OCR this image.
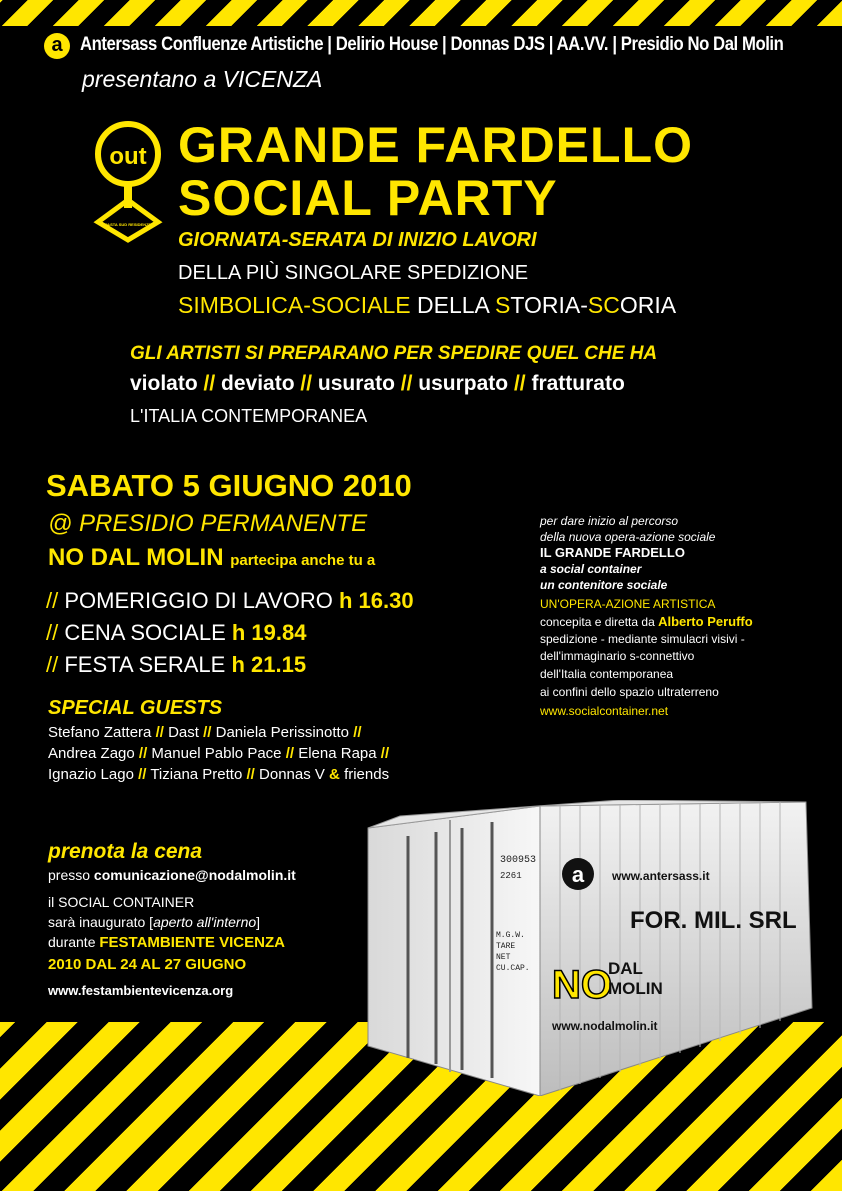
a Antersass Confluenze Artistiche | Delirio House | Donnas DJS | AA.VV. | Presidio No Dal Molin
presentano a VICENZA
out
PASTA SUD RESIDENZE
GRANDE FARDELLO
SOCIAL PARTY
GIORNATA-SERATA DI INIZIO LAVORI
DELLA PIÙ SINGOLARE SPEDIZIONE
SIMBOLICA-SOCIALE DELLA STORIA-SCORIA
GLI ARTISTI SI PREPARANO PER SPEDIRE QUEL CHE HA
violato // deviato // usurato // usurpato // fratturato
L'ITALIA CONTEMPORANEA
SABATO 5 GIUGNO 2010
@ PRESIDIO PERMANENTE
NO DAL MOLIN partecipa anche tu a
// POMERIGGIO DI LAVORO h 16.30
// CENA SOCIALE h 19.84
// FESTA SERALE h 21.15
SPECIAL GUESTS
Stefano Zattera // Dast // Daniela Perissinotto //
Andrea Zago // Manuel Pablo Pace // Elena Rapa //
Ignazio Lago // Tiziana Pretto // Donnas V & friends
per dare inizio al percorso
della nuova opera-azione sociale
IL GRANDE FARDELLO
a social container
un contenitore sociale
UN'OPERA-AZIONE ARTISTICA
concepita e diretta da Alberto Peruffo
spedizione - mediante simulacri visivi -
dell'immaginario s-connettivo
dell'Italia contemporanea
ai confini dello spazio ultraterreno
www.socialcontainer.net
prenota la cena
presso comunicazione@nodalmolin.it
il SOCIAL CONTAINER
sarà inaugurato [aperto all'interno]
durante FESTAMBIENTE VICENZA
2010 DAL 24 AL 27 GIUGNO
www.festambientevicenza.org
300953
2261
M.G.W.
TARE
NET
CU.CAP.
a www.antersass.it
FOR. MIL. SRL
NO
DAL
MOLIN
www.nodalmolin.it
